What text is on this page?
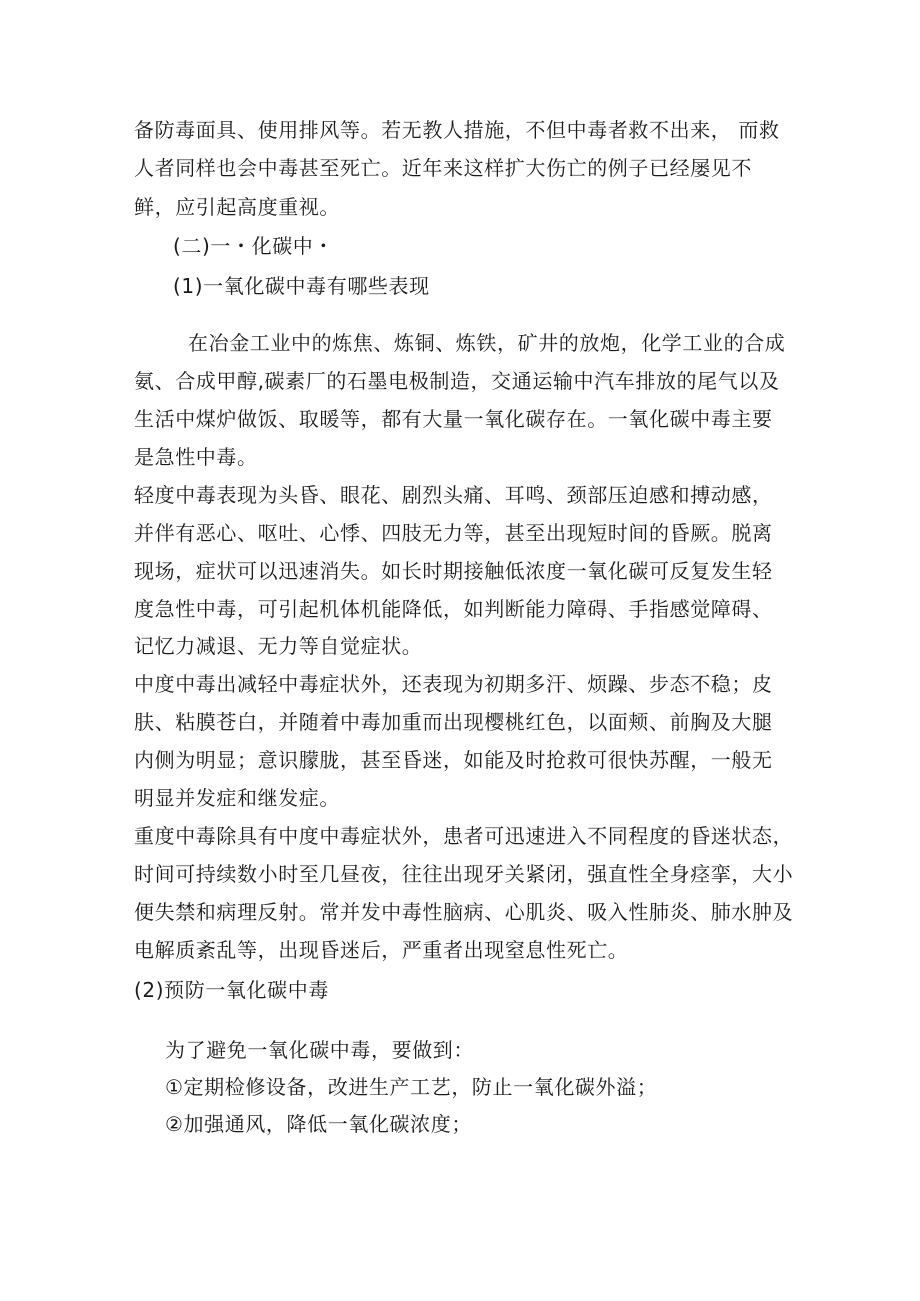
备防毒面具、使用排风等。若无教人措施，不但中毒者救不出来， 而救
人者同样也会中毒甚至死亡。近年来这样扩大伤亡的例子已经屡见不
鲜，应引起高度重视。
(二)一・化碳中・
(1)一氧化碳中毒有哪些表现
在冶金工业中的炼焦、炼铜、炼铁，矿井的放炮，化学工业的合成
氨、合成甲醇,碳素厂的石墨电极制造，交通运输中汽车排放的尾气以及
生活中煤炉做饭、取暖等，都有大量一氧化碳存在。一氧化碳中毒主要
是急性中毒。
轻度中毒表现为头昏、眼花、剧烈头痛、耳鸣、颈部压迫感和搏动感，
并伴有恶心、呕吐、心悸、四肢无力等，甚至出现短时间的昏厥。脱离
现场，症状可以迅速消失。如长时期接触低浓度一氧化碳可反复发生轻
度急性中毒，可引起机体机能降低，如判断能力障碍、手指感觉障碍、
记忆力减退、无力等自觉症状。
中度中毒出减轻中毒症状外，还表现为初期多汗、烦躁、步态不稳；皮
肤、粘膜苍白，并随着中毒加重而出现樱桃红色，以面颊、前胸及大腿
内侧为明显；意识朦胧，甚至昏迷，如能及时抢救可很快苏醒，一般无
明显并发症和继发症。
重度中毒除具有中度中毒症状外，患者可迅速进入不同程度的昏迷状态，
时间可持续数小时至几昼夜，往往出现牙关紧闭，强直性全身痉挛，大小
便失禁和病理反射。常并发中毒性脑病、心肌炎、吸入性肺炎、肺水肿及
电解质紊乱等，出现昏迷后，严重者出现窒息性死亡。
(2)预防一氧化碳中毒
为了避免一氧化碳中毒，要做到：
①定期检修设备，改进生产工艺，防止一氧化碳外溢；
②加强通风，降低一氧化碳浓度；
